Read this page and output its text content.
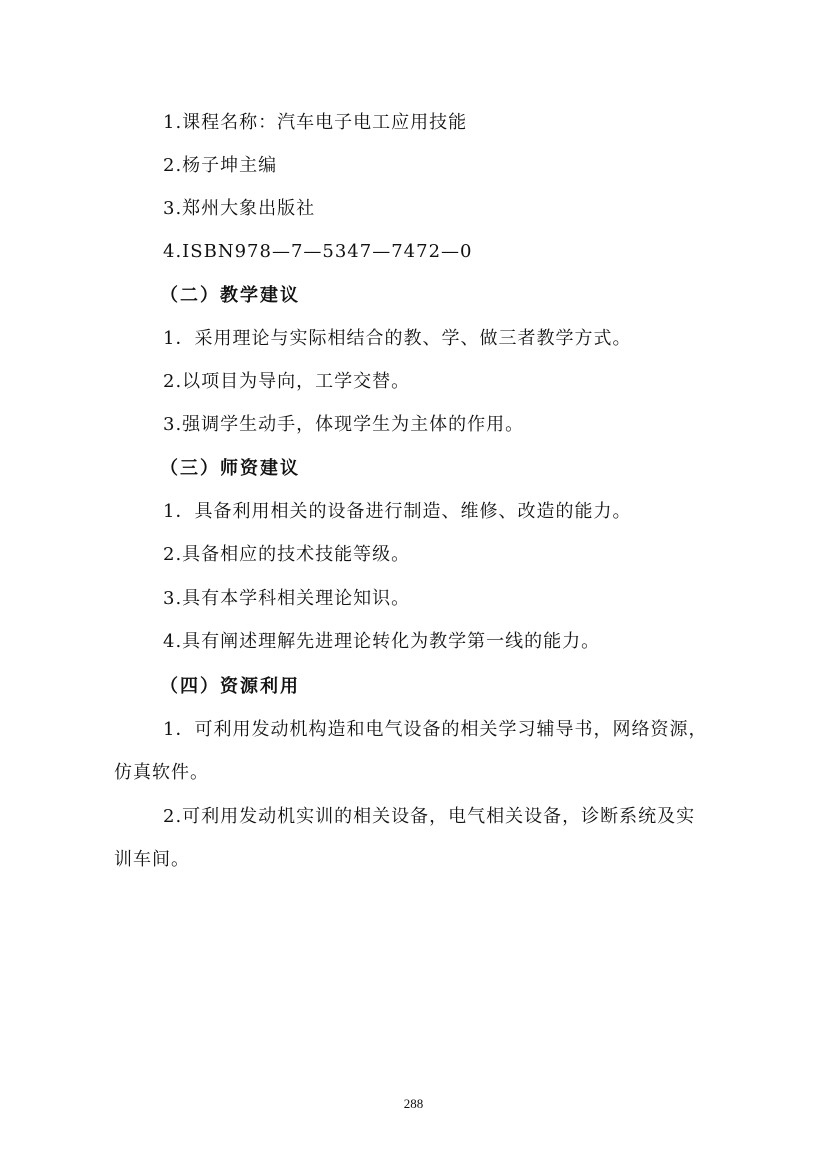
1.课程名称：汽车电子电工应用技能
2.杨子坤主编
3.郑州大象出版社
4.ISBN978—7—5347—7472—0
（二）教学建议
1．采用理论与实际相结合的教、学、做三者教学方式。
2.以项目为导向，工学交替。
3.强调学生动手，体现学生为主体的作用。
（三）师资建议
1．具备利用相关的设备进行制造、维修、改造的能力。
2.具备相应的技术技能等级。
3.具有本学科相关理论知识。
4.具有阐述理解先进理论转化为教学第一线的能力。
（四）资源利用
1．可利用发动机构造和电气设备的相关学习辅导书，网络资源，
仿真软件。
2.可利用发动机实训的相关设备，电气相关设备，诊断系统及实
训车间。
288
